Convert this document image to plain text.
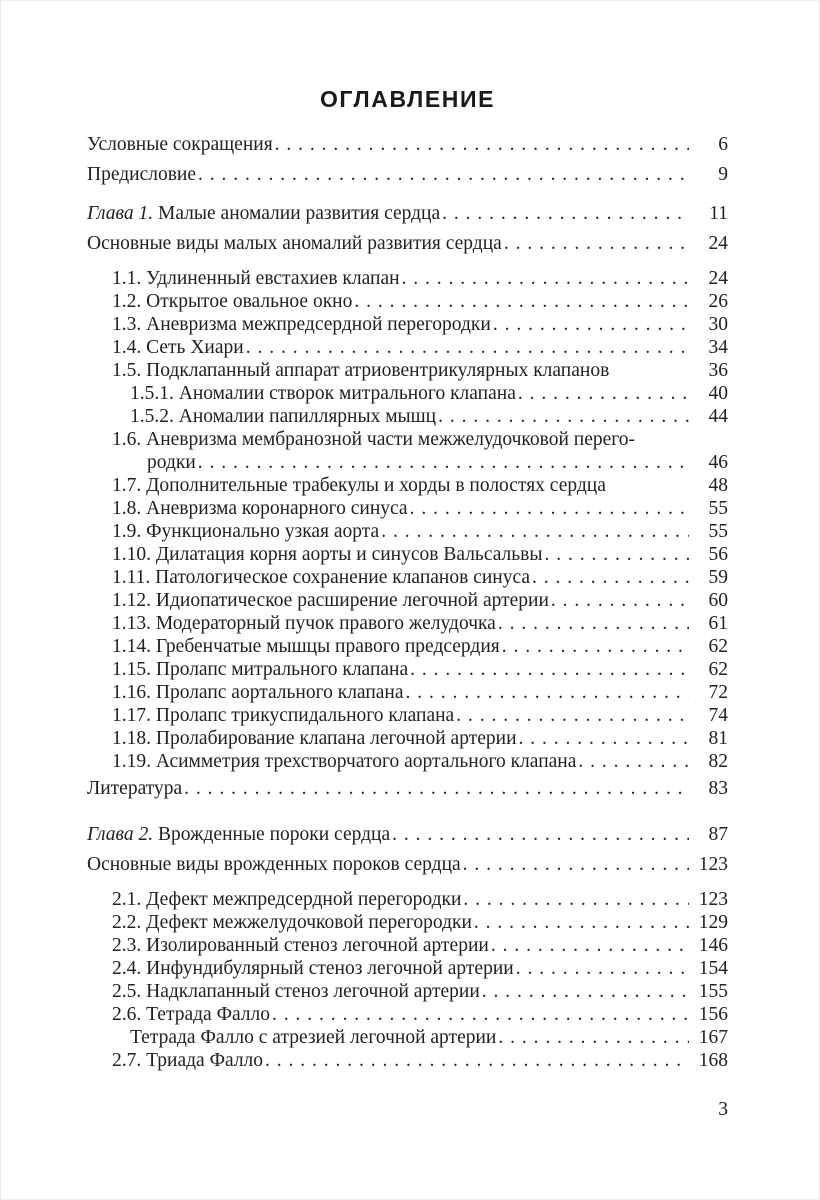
ОГЛАВЛЕНИЕ
Условные сокращения . . .	6
Предисловие . . .	9
Глава 1. Малые аномалии развития сердца . . .	11
Основные виды малых аномалий развития сердца . . .	24
1.1. Удлиненный евстахиев клапан . . .	24
1.2. Открытое овальное окно . . .	26
1.3. Аневризма межпредсердной перегородки . . .	30
1.4. Сеть Хиари . . .	34
1.5. Подклапанный аппарат атриовентрикулярных клапанов	36
1.5.1. Аномалии створок митрального клапана . . .	40
1.5.2. Аномалии папиллярных мышц . . .	44
1.6. Аневризма мембранозной части межжелудочковой перего-
родки . . .	46
1.7. Дополнительные трабекулы и хорды в полостях сердца	48
1.8. Аневризма коронарного синуса . . .	55
1.9. Функционально узкая аорта . . .	55
1.10. Дилатация корня аорты и синусов Вальсальвы . . .	56
1.11. Патологическое сохранение клапанов синуса . . .	59
1.12. Идиопатическое расширение легочной артерии . . .	60
1.13. Модераторный пучок правого желудочка . . .	61
1.14. Гребенчатые мышцы правого предсердия . . .	62
1.15. Пролапс митрального клапана . . .	62
1.16. Пролапс аортального клапана . . .	72
1.17. Пролапс трикуспидального клапана . . .	74
1.18. Пролабирование клапана легочной артерии . . .	81
1.19. Асимметрия трехстворчатого аортального клапана . . .	82
Литература . . .	83
Глава 2. Врожденные пороки сердца . . .	87
Основные виды врожденных пороков сердца . . .	123
2.1. Дефект межпредсердной перегородки . . .	123
2.2. Дефект межжелудочковой перегородки . . .	129
2.3. Изолированный стеноз легочной артерии . . .	146
2.4. Инфундибулярный стеноз легочной артерии . . .	154
2.5. Надклапанный стеноз легочной артерии . . .	155
2.6. Тетрада Фалло . . .	156
Тетрада Фалло с атрезией легочной артерии . . .	167
2.7. Триада Фалло . . .	168
3
